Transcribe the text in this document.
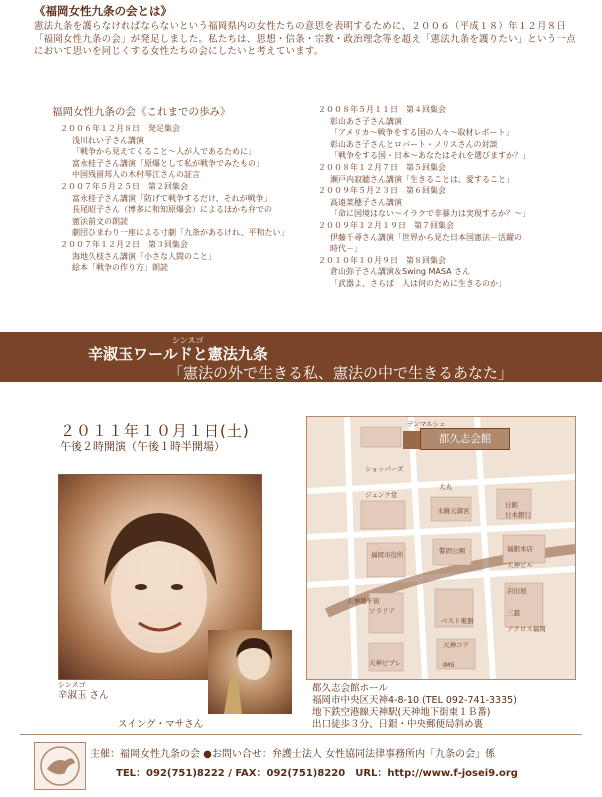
《福岡女性九条の会とは》
憲法九条を護らなければならないという福岡県内の女性たちの意思を表明するために、２００６（平成１８）年１２月８日「福岡女性九条の会」が発足しました。私たちは、思想・信条・宗教・政治理念等を超え「憲法九条を護りたい」という一点において思いを同じくする女性たちの会にしたいと考えています。
福岡女性九条の会《これまでの歩み》
２００６年１２月８日　発足集会
浅川れい子さん講演
「戦争から見えてくること～人が人であるために」
富永桂子さん講演「原爆として私が戦争でみたもの」
中国残留邦人の木村琴江さんの証言
２００７年５月２５日　第２回集会
富永桂子さん講演「防げて戦争するだけ、それが戦争」
長尾昭子さん（博多に和知原爆会）によるほかち弁での
憲法前文の朗読
劇団ひまわり一座による寸劇「九条があるけれ、平和たい」
２００７年１２月２日　第３回集会
海地久枝さん講演「小さな人間のこと」
絵本「戦争の作り方」朗読
２００８年５月１１日　第４回集会
彰山あさ子さん講演
「アメリカ～戦争をする国の人々～取材レポート」
彰山あさ子さんとロバート・ノリスさんの対談
「戦争をする国・日本～あなたはそれを選びますか？」
２００８年１２月７日　第５回集会
瀬戸内寂聴さん講演「生きることは、愛すること」
２００９年５月２３日　第６回集会
高遠菜穂子さん講演
「命に国境はない～イラクで非暴力は実現するか？～」
２００９年１２月１９日　第７回集会
伊藤千尋さん講演「世界から見た日本国憲法－活躍の
時代－」
２０１０年１０月９日　第８回集会
倉山弥子さん講演＆Swing MASA さん
「武器よ、さらば　人は何のために生きるのか」
シンスゴ
辛淑玉ワールドと憲法九条
「憲法の外で生きる私、憲法の中で生きるあなた」
２０１１年１０月１日(土)
午後２時開演（午後１時半開場）
シンスゴ
辛淑玉 さん
スイング・マサさん
デンマルシェ
ショッパーズ
大丸
ジュンク堂
天神コア
IMS
天神ビブレ
岩田屋
三越
アクロス福岡
ベスト電器
日銀
日本銀行
水鏡天満宮
福岡市役所
天神地下街
福銀本店
警固公園
ソラリア
天神ビル
都久志会館
都久志会館ホール
福岡市中央区天神4-8-10 (TEL 092-741-3335)
地下鉄空港線天神駅(天神地下街東１Ｂ番)
出口徒歩３分、日銀・中央郵便局斜め裏
主催：福岡女性九条の会 ●お問い合せ：弁護士法人 女性協同法律事務所内「九条の会」係
TEL：092(751)8222 / FAX：092(751)8220　URL：http://www.f-josei9.org
